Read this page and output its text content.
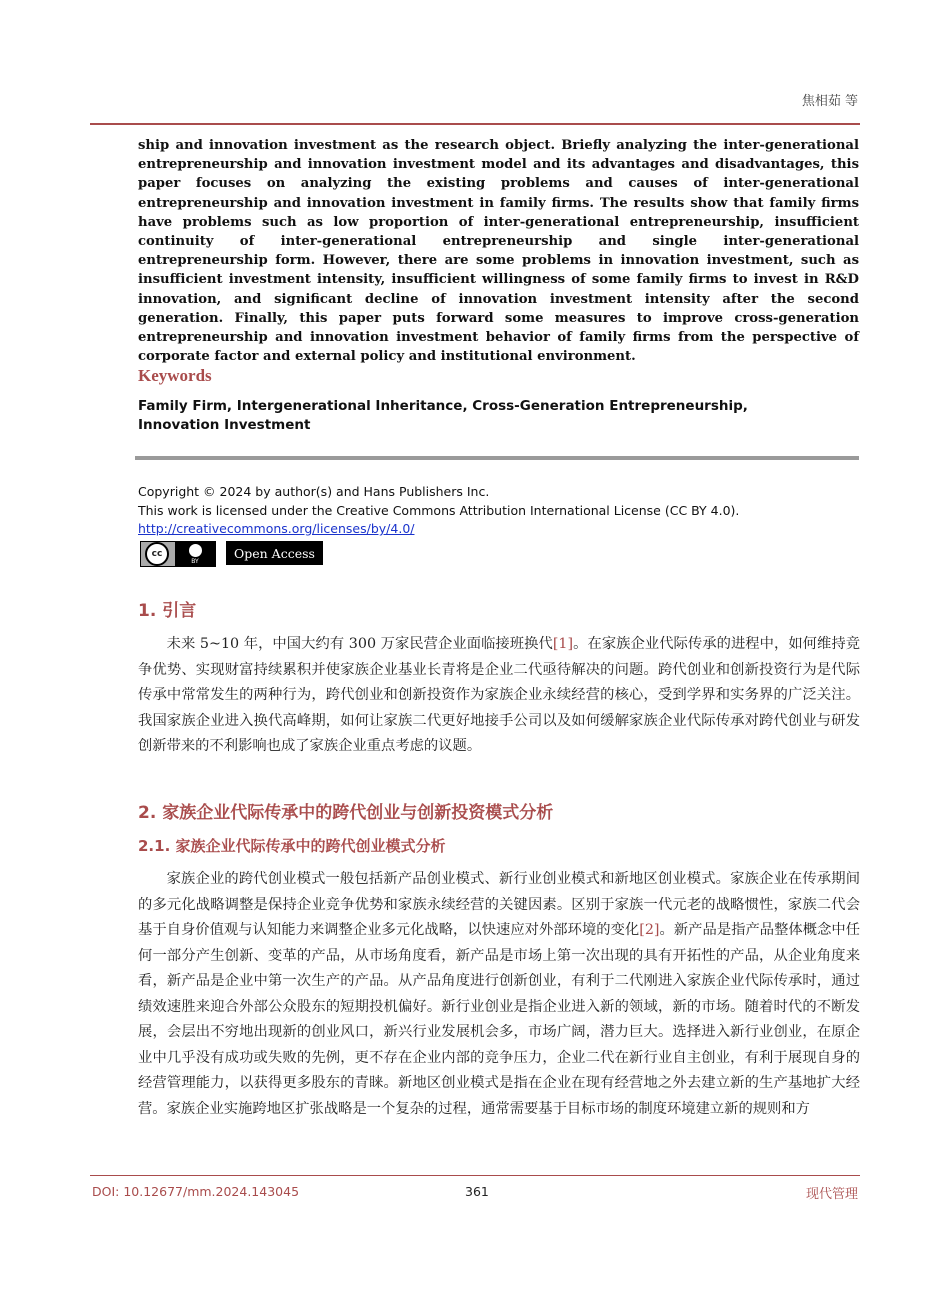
焦相茹 等

ship and innovation investment as the research object. Briefly analyzing the inter-generational entrepreneurship and innovation investment model and its advantages and disadvantages, this paper focuses on analyzing the existing problems and causes of inter-generational entrepreneurship and innovation investment in family firms. The results show that family firms have problems such as low proportion of inter-generational entrepreneurship, insufficient continuity of inter-generational entrepreneurship and single inter-generational entrepreneurship form. However, there are some problems in innovation investment, such as insufficient investment intensity, insufficient willingness of some family firms to invest in R&D innovation, and significant decline of innovation investment intensity after the second generation. Finally, this paper puts forward some measures to improve cross-generation entrepreneurship and innovation investment behavior of family firms from the perspective of corporate factor and external policy and institutional environment.

Keywords
Family Firm, Intergenerational Inheritance, Cross-Generation Entrepreneurship,
Innovation Investment
Copyright © 2024 by author(s) and Hans Publishers Inc.
This work is licensed under the Creative Commons Attribution International License (CC BY 4.0).
http://creativecommons.org/licenses/by/4.0/
cc
BY
Open Access
1. 引言

未来 5~10 年，中国大约有 300 万家民营企业面临接班换代[1]。在家族企业代际传承的进程中，如何维持竞争优势、实现财富持续累积并使家族企业基业长青将是企业二代亟待解决的问题。跨代创业和创新投资行为是代际传承中常常发生的两种行为，跨代创业和创新投资作为家族企业永续经营的核心，受到学界和实务界的广泛关注。我国家族企业进入换代高峰期，如何让家族二代更好地接手公司以及如何缓解家族企业代际传承对跨代创业与研发创新带来的不利影响也成了家族企业重点考虑的议题。

2. 家族企业代际传承中的跨代创业与创新投资模式分析
2.1. 家族企业代际传承中的跨代创业模式分析

家族企业的跨代创业模式一般包括新产品创业模式、新行业创业模式和新地区创业模式。家族企业在传承期间的多元化战略调整是保持企业竞争优势和家族永续经营的关键因素。区别于家族一代元老的战略惯性，家族二代会基于自身价值观与认知能力来调整企业多元化战略，以快速应对外部环境的变化[2]。新产品是指产品整体概念中任何一部分产生创新、变革的产品，从市场角度看，新产品是市场上第一次出现的具有开拓性的产品，从企业角度来看，新产品是企业中第一次生产的产品。从产品角度进行创新创业，有利于二代刚进入家族企业代际传承时，通过绩效速胜来迎合外部公众股东的短期投机偏好。新行业创业是指企业进入新的领域，新的市场。随着时代的不断发展，会层出不穷地出现新的创业风口，新兴行业发展机会多，市场广阔，潜力巨大。选择进入新行业创业，在原企业中几乎没有成功或失败的先例，更不存在企业内部的竞争压力，企业二代在新行业自主创业，有利于展现自身的经营管理能力，以获得更多股东的青睐。新地区创业模式是指在企业在现有经营地之外去建立新的生产基地扩大经营。家族企业实施跨地区扩张战略是一个复杂的过程，通常需要基于目标市场的制度环境建立新的规则和方

DOI: 10.12677/mm.2024.143045	361	现代管理
